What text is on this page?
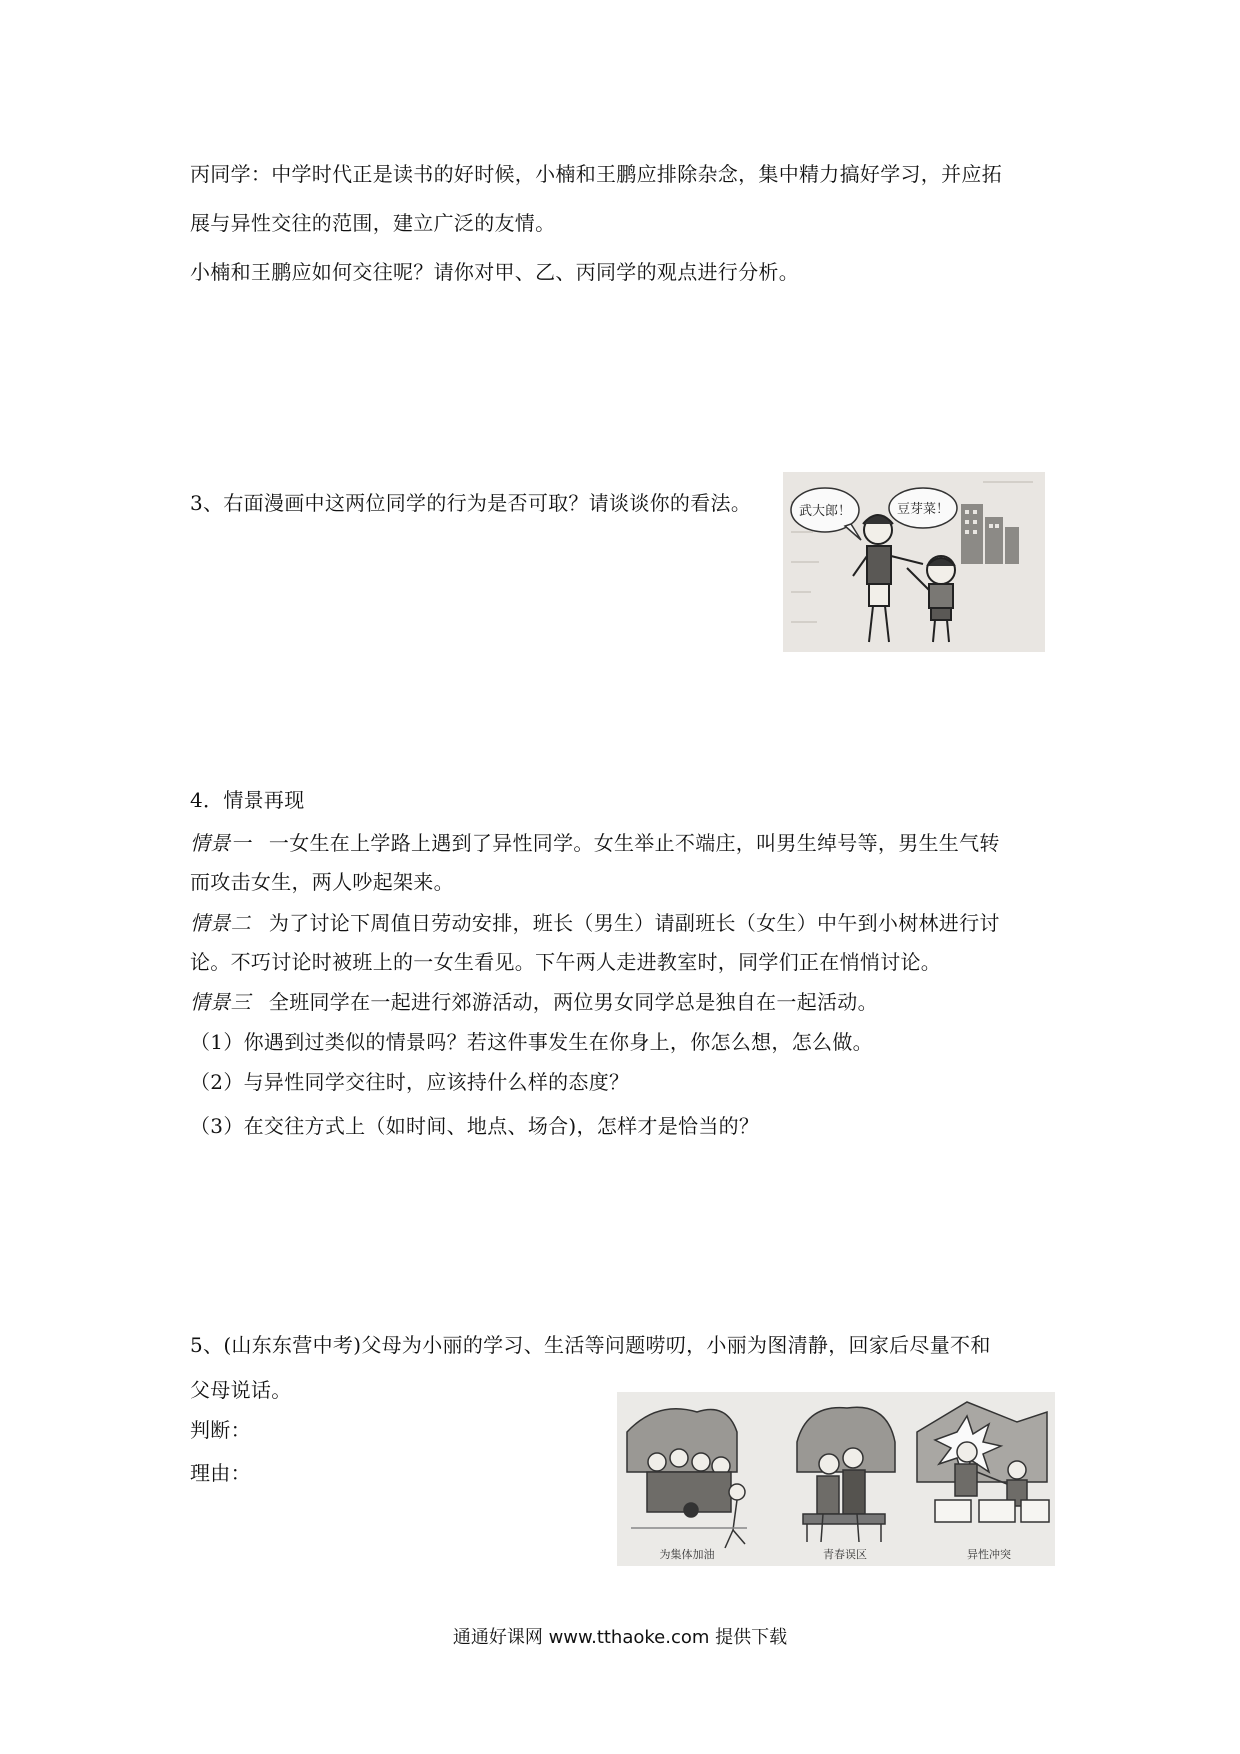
丙同学：中学时代正是读书的好时候，小楠和王鹏应排除杂念，集中精力搞好学习，并应拓
展与异性交往的范围，建立广泛的友情。
小楠和王鹏应如何交往呢？请你对甲、乙、丙同学的观点进行分析。
3、右面漫画中这两位同学的行为是否可取？请谈谈你的看法。	武大郎！	豆芽菜！
4．情景再现
情景一 一女生在上学路上遇到了异性同学。女生举止不端庄，叫男生绰号等，男生生气转
而攻击女生，两人吵起架来。
情景二 为了讨论下周值日劳动安排，班长（男生）请副班长（女生）中午到小树林进行讨
论。不巧讨论时被班上的一女生看见。下午两人走进教室时，同学们正在悄悄讨论。
情景三 全班同学在一起进行郊游活动，两位男女同学总是独自在一起活动。
（1）你遇到过类似的情景吗？若这件事发生在你身上，你怎么想，怎么做。
（2）与异性同学交往时，应该持什么样的态度？
（3）在交往方式上（如时间、地点、场合)，怎样才是恰当的？
5、(山东东营中考)父母为小丽的学习、生活等问题唠叨，小丽为图清静，回家后尽量不和
父母说话。
判断：
理由：
为集体加油	青春误区	异性冲突
通通好课网 www.tthaoke.com 提供下载
